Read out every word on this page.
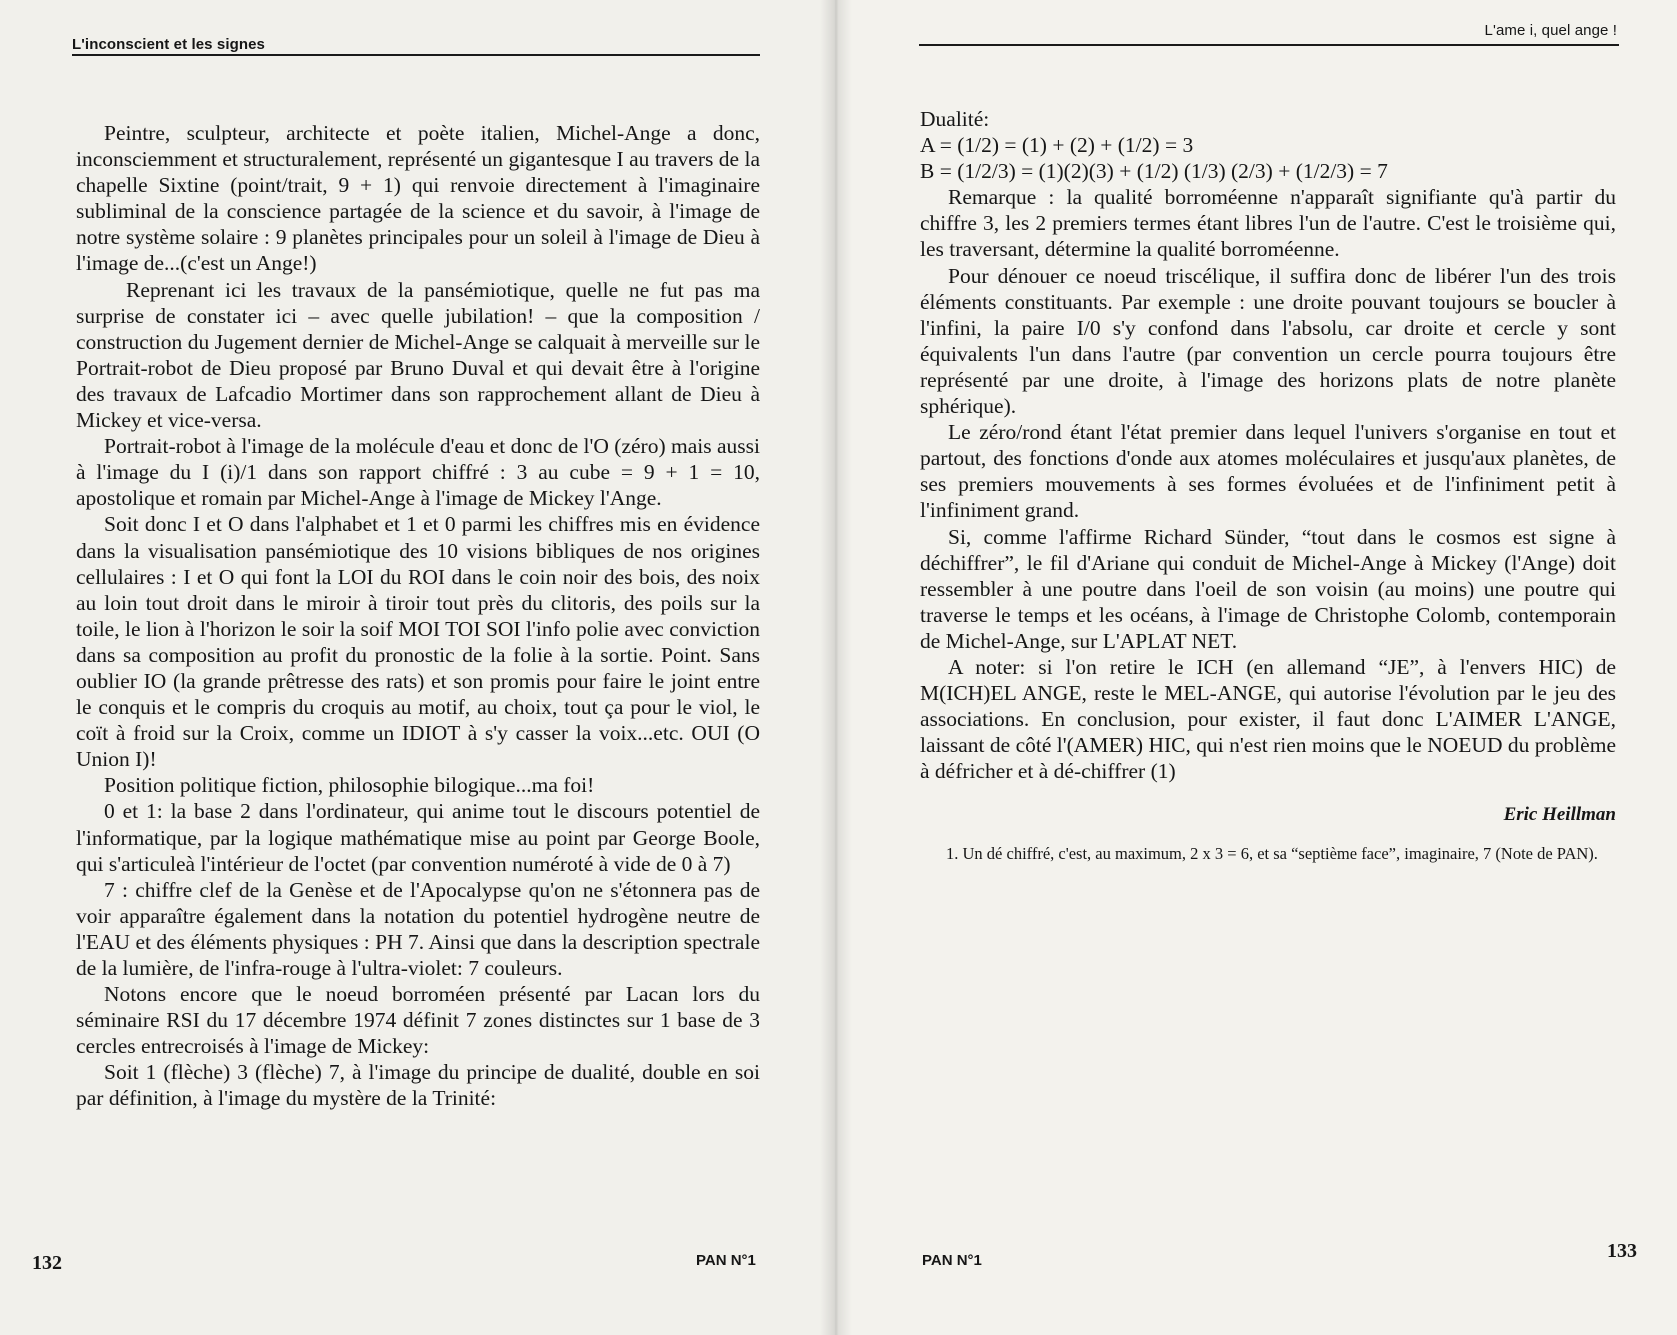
L'inconscient et les signes

Peintre, sculpteur, architecte et poète italien, Michel-Ange a donc, inconsciemment et structuralement, représenté un gigantesque I au travers de la chapelle Sixtine (point/trait, 9 + 1) qui renvoie directement à l'imaginaire subliminal de la conscience partagée de la science et du savoir, à l'image de notre système solaire : 9 planètes principales pour un soleil à l'image de Dieu à l'image de...(c'est un Ange!)

Reprenant ici les travaux de la pansémiotique, quelle ne fut pas ma surprise de constater ici – avec quelle jubilation! – que la composition / construction du Jugement dernier de Michel-Ange se calquait à merveille sur le Portrait-robot de Dieu proposé par Bruno Duval et qui devait être à l'origine des travaux de Lafcadio Mortimer dans son rapprochement allant de Dieu à Mickey et vice-versa.

Portrait-robot à l'image de la molécule d'eau et donc de l'O (zéro) mais aussi à l'image du I (i)/1 dans son rapport chiffré : 3 au cube = 9 + 1 = 10, apostolique et romain par Michel-Ange à l'image de Mickey l'Ange.

Soit donc I et O dans l'alphabet et 1 et 0 parmi les chiffres mis en évidence dans la visualisation pansémiotique des 10 visions bibliques de nos origines cellulaires : I et O qui font la LOI du ROI dans le coin noir des bois, des noix au loin tout droit dans le miroir à tiroir tout près du clitoris, des poils sur la toile, le lion à l'horizon le soir la soif MOI TOI SOI l'info polie avec conviction dans sa composition au profit du pronostic de la folie à la sortie. Point. Sans oublier IO (la grande prêtresse des rats) et son promis pour faire le joint entre le conquis et le compris du croquis au motif, au choix, tout ça pour le viol, le coït à froid sur la Croix, comme un IDIOT à s'y casser la voix...etc. OUI (O Union I)!

Position politique fiction, philosophie bilogique...ma foi!

0 et 1: la base 2 dans l'ordinateur, qui anime tout le discours potentiel de l'informatique, par la logique mathématique mise au point par George Boole, qui s'articuleà l'intérieur de l'octet (par convention numéroté à vide de 0 à 7)

7 : chiffre clef de la Genèse et de l'Apocalypse qu'on ne s'étonnera pas de voir apparaître également dans la notation du potentiel hydrogène neutre de l'EAU et des éléments physiques : PH 7. Ainsi que dans la description spectrale de la lumière, de l'infra-rouge à l'ultra-violet: 7 couleurs.

Notons encore que le noeud borroméen présenté par Lacan lors du séminaire RSI du 17 décembre 1974 définit 7 zones distinctes sur 1 base de 3 cercles entrecroisés à l'image de Mickey:

Soit 1 (flèche) 3 (flèche) 7, à l'image du principe de dualité, double en soi par définition, à l'image du mystère de la Trinité:

132	PAN N°1
L'ame i, quel ange !

Dualité:

A = (1/2) = (1) + (2) + (1/2) = 3

B = (1/2/3) = (1)(2)(3) + (1/2) (1/3) (2/3) + (1/2/3) = 7

Remarque : la qualité borroméenne n'apparaît signifiante qu'à partir du chiffre 3, les 2 premiers termes étant libres l'un de l'autre. C'est le troisième qui, les traversant, détermine la qualité borroméenne.

Pour dénouer ce noeud triscélique, il suffira donc de libérer l'un des trois éléments constituants. Par exemple : une droite pouvant toujours se boucler à l'infini, la paire I/0 s'y confond dans l'absolu, car droite et cercle y sont équivalents l'un dans l'autre (par convention un cercle pourra toujours être représenté par une droite, à l'image des horizons plats de notre planète sphérique).

Le zéro/rond étant l'état premier dans lequel l'univers s'organise en tout et partout, des fonctions d'onde aux atomes moléculaires et jusqu'aux planètes, de ses premiers mouvements à ses formes évoluées et de l'infiniment petit à l'infiniment grand.

Si, comme l'affirme Richard Sünder, “tout dans le cosmos est signe à déchiffrer”, le fil d'Ariane qui conduit de Michel-Ange à Mickey (l'Ange) doit ressembler à une poutre dans l'oeil de son voisin (au moins) une poutre qui traverse le temps et les océans, à l'image de Christophe Colomb, contemporain de Michel-Ange, sur L'APLAT NET.

A noter: si l'on retire le ICH (en allemand “JE”, à l'envers HIC) de M(ICH)EL ANGE, reste le MEL-ANGE, qui autorise l'évolution par le jeu des associations. En conclusion, pour exister, il faut donc L'AIMER L'ANGE, laissant de côté l'(AMER) HIC, qui n'est rien moins que le NOEUD du problème à défricher et à dé-chiffrer (1)

Eric Heillman

1. Un dé chiffré, c'est, au maximum, 2 x 3 = 6, et sa “septième face”, imaginaire, 7 (Note de PAN).

133
PAN N°1
